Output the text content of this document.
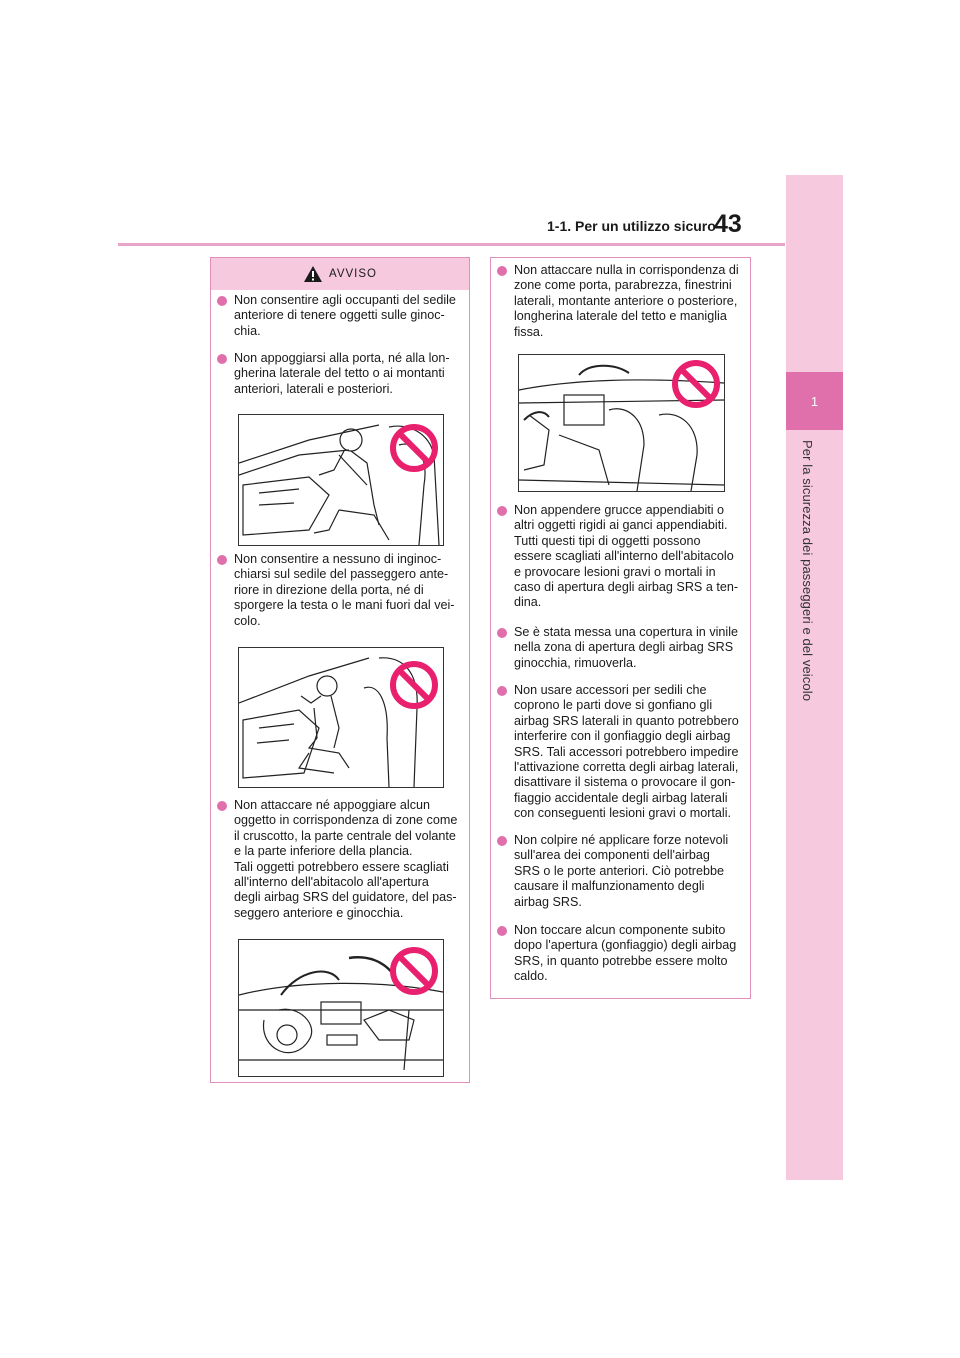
1-1. Per un utilizzo sicuro
43
1
Per la sicurezza dei passeggeri e del veicolo
AVVISO
Non consentire agli occupanti del sedile
anteriore di tenere oggetti sulle ginoc-
chia.
Non appoggiarsi alla porta, né alla lon-
gherina laterale del tetto o ai montanti
anteriori, laterali e posteriori.
Non consentire a nessuno di inginoc-
chiarsi sul sedile del passeggero ante-
riore in direzione della porta, né di
sporgere la testa o le mani fuori dal vei-
colo.
Non attaccare né appoggiare alcun
oggetto in corrispondenza di zone come
il cruscotto, la parte centrale del volante
e la parte inferiore della plancia.
Tali oggetti potrebbero essere scagliati
all'interno dell'abitacolo all'apertura
degli airbag SRS del guidatore, del pas-
seggero anteriore e ginocchia.
Non attaccare nulla in corrispondenza di
zone come porta, parabrezza, finestrini
laterali, montante anteriore o posteriore,
longherina laterale del tetto e maniglia
fissa.
Non appendere grucce appendiabiti o
altri oggetti rigidi ai ganci appendiabiti.
Tutti questi tipi di oggetti possono
essere scagliati all'interno dell'abitacolo
e provocare lesioni gravi o mortali in
caso di apertura degli airbag SRS a ten-
dina.
Se è stata messa una copertura in vinile
nella zona di apertura degli airbag SRS
ginocchia, rimuoverla.
Non usare accessori per sedili che
coprono le parti dove si gonfiano gli
airbag SRS laterali in quanto potrebbero
interferire con il gonfiaggio degli airbag
SRS. Tali accessori potrebbero impedire
l'attivazione corretta degli airbag laterali,
disattivare il sistema o provocare il gon-
fiaggio accidentale degli airbag laterali
con conseguenti lesioni gravi o mortali.
Non colpire né applicare forze notevoli
sull'area dei componenti dell'airbag
SRS o le porte anteriori. Ciò potrebbe
causare il malfunzionamento degli
airbag SRS.
Non toccare alcun componente subito
dopo l'apertura (gonfiaggio) degli airbag
SRS, in quanto potrebbe essere molto
caldo.
